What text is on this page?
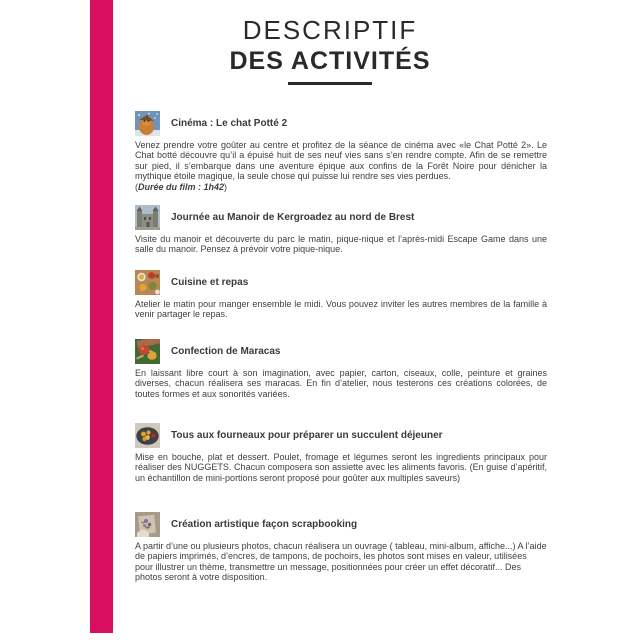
DESCRIPTIF
DES ACTIVITÉS
Cinéma : Le chat Potté 2

Venez prendre votre goûter au centre et profitez de la séance de cinéma avec «le Chat Potté 2». Le Chat botté découvre qu’il a épuisé huit de ses neuf vies sans s’en rendre compte. Afin de se remettre sur pied, il s’embarque dans une aventure épique aux confins de la Forêt Noire pour dénicher la mythique étoile magique, la seule chose qui puisse lui rendre ses vies perdues.

(Durée du film : 1h42)

Journée au Manoir de Kergroadez au nord de Brest

Visite du manoir et découverte du parc le matin, pique-nique et l’après-midi Escape Game dans une salle du manoir. Pensez à prévoir votre pique-nique.

Cuisine et repas

Atelier le matin pour manger ensemble le midi. Vous pouvez inviter les autres membres de la famille à venir partager le repas.

Confection de Maracas

En laissant libre court à son imagination, avec papier, carton, ciseaux, colle, peinture et graines diverses, chacun réalisera ses maracas. En fin d’atelier, nous testerons ces créations colorées, de toutes formes et aux sonorités variées.

Tous aux fourneaux pour préparer un succulent déjeuner

Mise en bouche, plat et dessert. Poulet, fromage et légumes seront les ingredients principaux pour réaliser des NUGGETS. Chacun composera son assiette avec les aliments favoris. (En guise d’apéritif, un échantillon de mini-portions seront proposé pour goûter aux multiples saveurs)

Création artistique façon scrapbooking

A partir d’une ou plusieurs photos, chacun réalisera un ouvrage ( tableau, mini-album, affiche...) A l’aide de papiers imprimés, d’encres, de tampons, de pochoirs, les photos sont mises en valeur, utilisées pour illustrer un thème, transmettre un message, positionnées pour créer un effet décoratif... Des photos seront à votre disposition.
